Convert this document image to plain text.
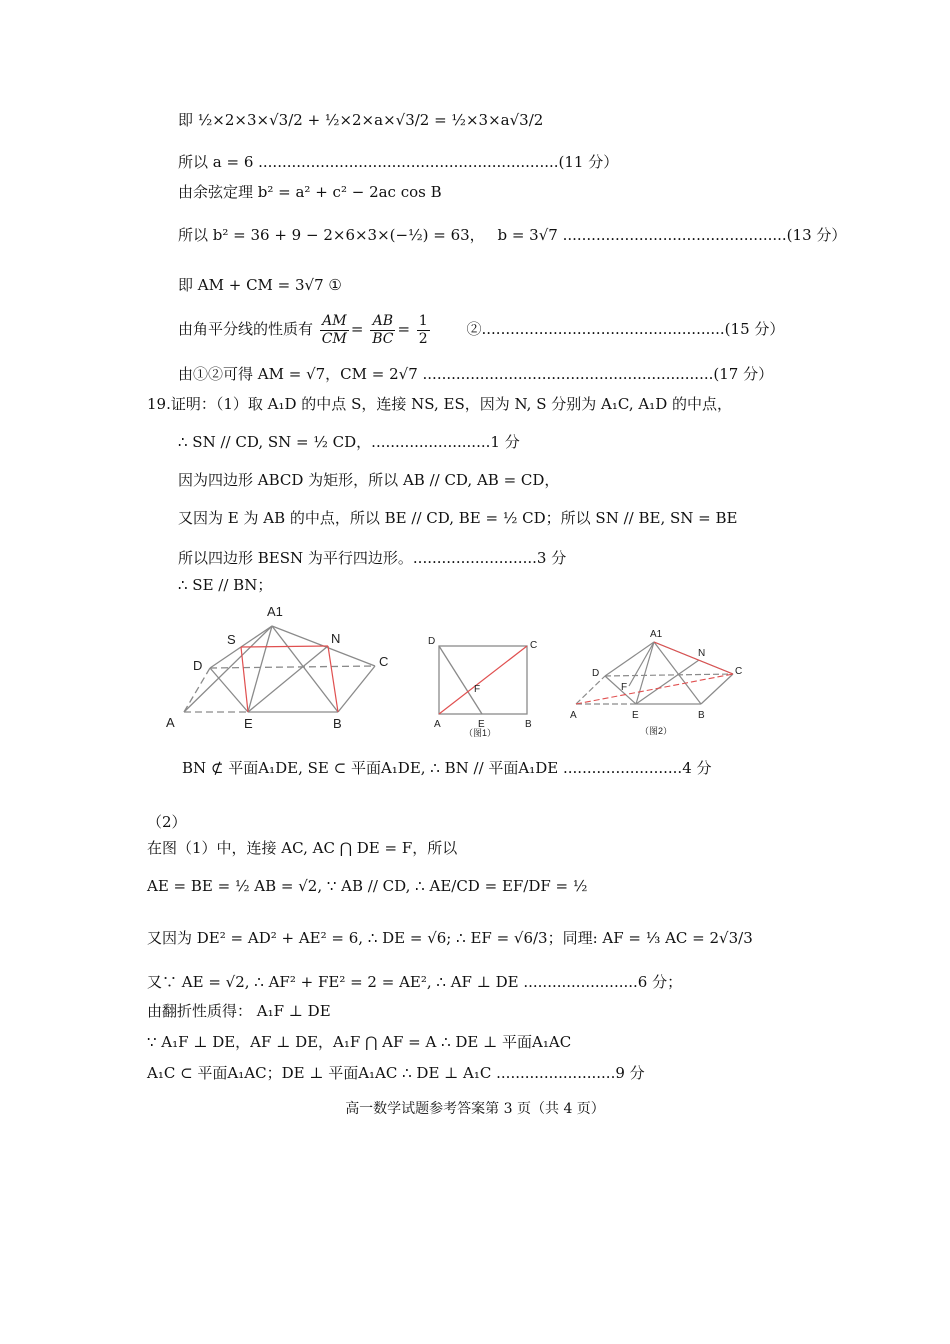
即 ½×2×3×√3/2 + ½×2×a×√3/2 = ½×3×a√3/2
所以 a = 6 ...............................................................(11 分）
由余弦定理 b² = a² + c² − 2ac cos B
所以 b² = 36 + 9 − 2×6×3×(−½) = 63， b = 3√7 ...............................................(13 分）
即 AM + CM = 3√7 ①
由角平分线的性质有 $\frac{AM}{CM} = \frac{AB}{BC} = \frac{1}{2}$ ②...................................................(15 分）
由①②可得 AM = √7，CM = 2√7 .............................................................(17 分）
19.证明：（1）取 A₁D 的中点 S，连接 NS, ES，因为 N, S 分别为 A₁C, A₁D 的中点，
∴ SN // CD, SN = ½ CD，.........................1 分
因为四边形 ABCD 为矩形，所以 AB // CD, AB = CD，
又因为 E 为 AB 的中点，所以 BE // CD, BE = ½ CD；所以 SN // BE, SN = BE
所以四边形 BESN 为平行四边形。..........................3 分
∴ SE // BN；
A1
S	N
D	C
A	E	B
D	C
F
A	E	B
（图1）
A1
N
D	C
F
A	E	B
（图2）
BN ⊄ 平面A₁DE, SE ⊂ 平面A₁DE, ∴ BN // 平面A₁DE .........................4 分
（2）
在图（1）中，连接 AC, AC ⋂ DE = F，所以
AE = BE = ½ AB = √2, ∵ AB // CD, ∴ AE/CD = EF/DF = ½
又因为 DE² = AD² + AE² = 6, ∴ DE = √6; ∴ EF = √6/3；同理: AF = ⅓ AC = 2√3/3
又∵ AE = √2, ∴ AF² + FE² = 2 = AE², ∴ AF ⊥ DE ........................6 分；
由翻折性质得： A₁F ⊥ DE
∵ A₁F ⊥ DE，AF ⊥ DE，A₁F ⋂ AF = A ∴ DE ⊥ 平面A₁AC
A₁C ⊂ 平面A₁AC；DE ⊥ 平面A₁AC ∴ DE ⊥ A₁C .........................9 分
高一数学试题参考答案第 3 页（共 4 页）
